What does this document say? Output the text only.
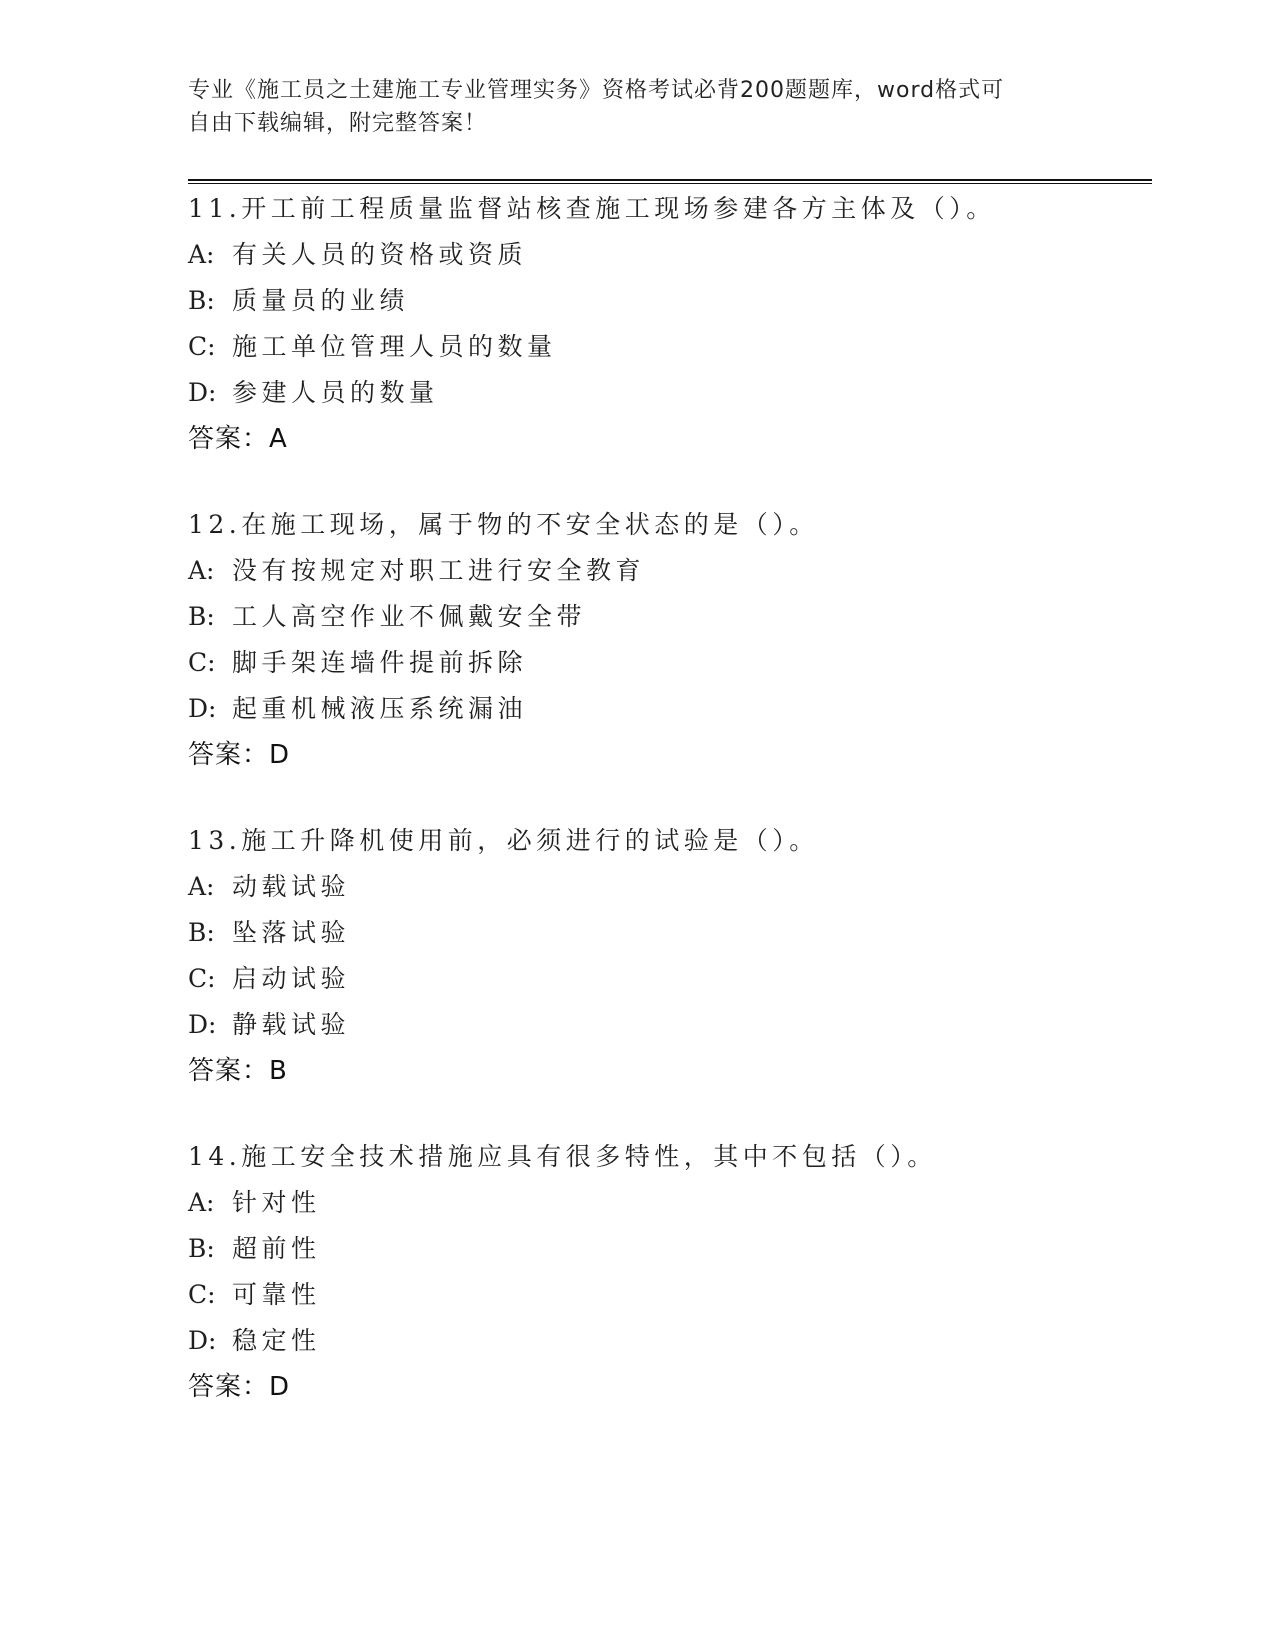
专业《施工员之土建施工专业管理实务》资格考试必背200题题库，word格式可
自由下载编辑，附完整答案！
11.开工前工程质量监督站核查施工现场参建各方主体及（）。
A: 有关人员的资格或资质
B: 质量员的业绩
C: 施工单位管理人员的数量
D: 参建人员的数量
答案：A
12.在施工现场，属于物的不安全状态的是（）。
A: 没有按规定对职工进行安全教育
B: 工人高空作业不佩戴安全带
C: 脚手架连墙件提前拆除
D: 起重机械液压系统漏油
答案：D
13.施工升降机使用前，必须进行的试验是（）。
A: 动载试验
B: 坠落试验
C: 启动试验
D: 静载试验
答案：B
14.施工安全技术措施应具有很多特性，其中不包括（）。
A: 针对性
B: 超前性
C: 可靠性
D: 稳定性
答案：D
